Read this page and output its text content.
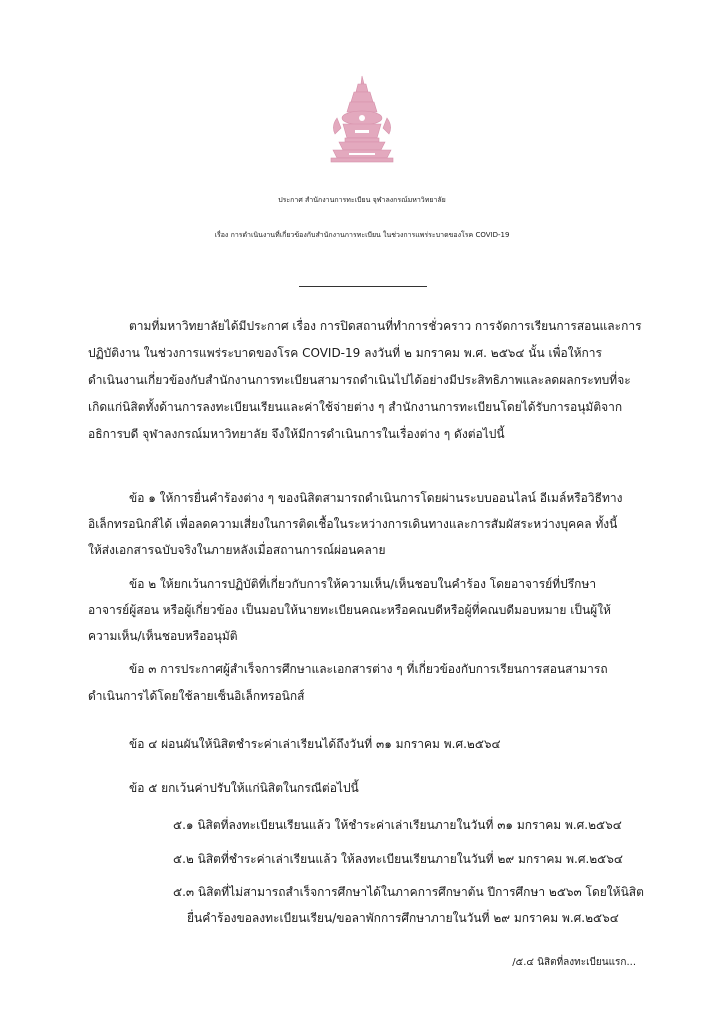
ประกาศ สำนักงานการทะเบียน จุฬาลงกรณ์มหาวิทยาลัย
เรื่อง การดำเนินงานที่เกี่ยวข้องกับสำนักงานการทะเบียน ในช่วงการแพร่ระบาดของโรค COVID-19
ตามที่มหาวิทยาลัยได้มีประกาศ เรื่อง การปิดสถานที่ทำการชั่วคราว การจัดการเรียนการสอนและการ
ปฏิบัติงาน ในช่วงการแพร่ระบาดของโรค COVID-19 ลงวันที่ ๒ มกราคม พ.ศ. ๒๕๖๔ นั้น เพื่อให้การ
ดำเนินงานเกี่ยวข้องกับสำนักงานการทะเบียนสามารถดำเนินไปได้อย่างมีประสิทธิภาพและลดผลกระทบที่จะ
เกิดแก่นิสิตทั้งด้านการลงทะเบียนเรียนและค่าใช้จ่ายต่าง ๆ สำนักงานการทะเบียนโดยได้รับการอนุมัติจาก
อธิการบดี จุฬาลงกรณ์มหาวิทยาลัย จึงให้มีการดำเนินการในเรื่องต่าง ๆ ดังต่อไปนี้
ข้อ ๑ ให้การยื่นคำร้องต่าง ๆ ของนิสิตสามารถดำเนินการโดยผ่านระบบออนไลน์ อีเมล์หรือวิธีทาง
อิเล็กทรอนิกส์ได้ เพื่อลดความเสี่ยงในการติดเชื้อในระหว่างการเดินทางและการสัมผัสระหว่างบุคคล ทั้งนี้
ให้ส่งเอกสารฉบับจริงในภายหลังเมื่อสถานการณ์ผ่อนคลาย
ข้อ ๒ ให้ยกเว้นการปฏิบัติที่เกี่ยวกับการให้ความเห็น/เห็นชอบในคำร้อง โดยอาจารย์ที่ปรึกษา
อาจารย์ผู้สอน หรือผู้เกี่ยวข้อง เป็นมอบให้นายทะเบียนคณะหรือคณบดีหรือผู้ที่คณบดีมอบหมาย เป็นผู้ให้
ความเห็น/เห็นชอบหรืออนุมัติ
ข้อ ๓ การประกาศผู้สำเร็จการศึกษาและเอกสารต่าง ๆ ที่เกี่ยวข้องกับการเรียนการสอนสามารถ
ดำเนินการได้โดยใช้ลายเซ็นอิเล็กทรอนิกส์
ข้อ ๔ ผ่อนผันให้นิสิตชำระค่าเล่าเรียนได้ถึงวันที่ ๓๑ มกราคม พ.ศ.๒๕๖๔
ข้อ ๕ ยกเว้นค่าปรับให้แก่นิสิตในกรณีต่อไปนี้
๕.๑ นิสิตที่ลงทะเบียนเรียนแล้ว ให้ชำระค่าเล่าเรียนภายในวันที่ ๓๑ มกราคม พ.ศ.๒๕๖๔
๕.๒ นิสิตที่ชำระค่าเล่าเรียนแล้ว ให้ลงทะเบียนเรียนภายในวันที่ ๒๙ มกราคม พ.ศ.๒๕๖๔
๕.๓ นิสิตที่ไม่สามารถสำเร็จการศึกษาได้ในภาคการศึกษาต้น ปีการศึกษา ๒๕๖๓ โดยให้นิสิต
ยื่นคำร้องขอลงทะเบียนเรียน/ขอลาพักการศึกษาภายในวันที่ ๒๙ มกราคม พ.ศ.๒๕๖๔
/๕.๔ นิสิตที่ลงทะเบียนแรก...
